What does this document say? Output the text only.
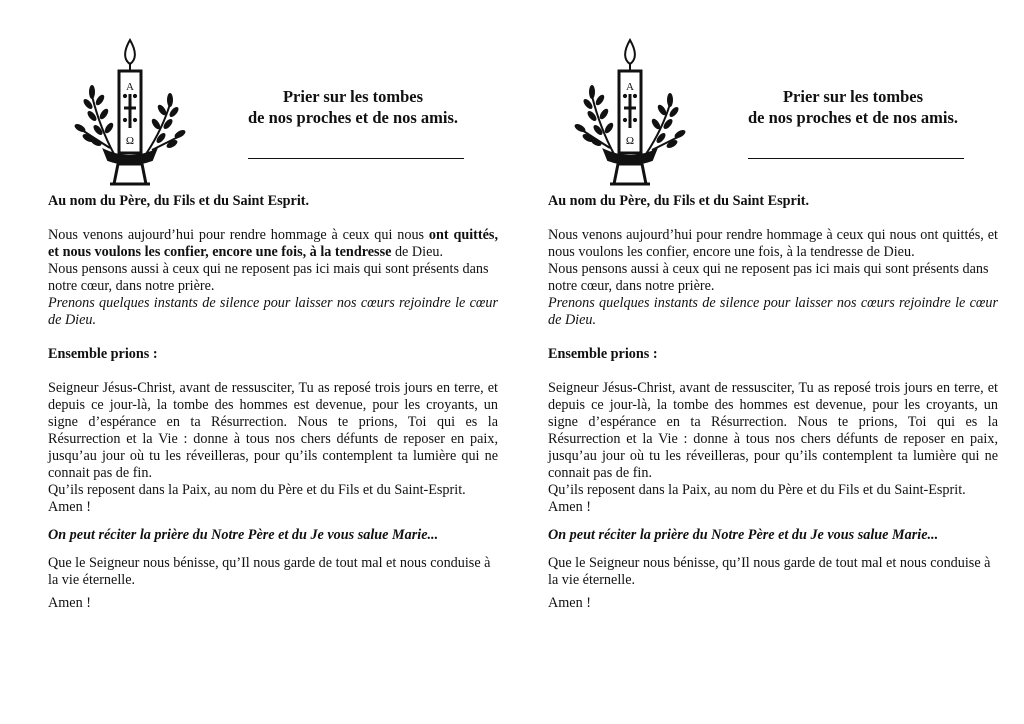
A
Ω
Prier sur les tombes
de nos proches et de nos amis.

Au nom du Père, du Fils et du Saint Esprit.

Nous venons aujourd’hui pour rendre hommage à ceux qui nous ont quittés, et nous voulons les confier, encore une fois, à la tendresse de Dieu.

Nous pensons aussi à ceux qui ne reposent pas ici mais qui sont présents dans notre cœur, dans notre prière.

Prenons quelques instants de silence pour laisser nos cœurs rejoindre le cœur de Dieu.

Ensemble prions :

Seigneur Jésus-Christ, avant de ressusciter, Tu as reposé trois jours en terre, et depuis ce jour-là, la tombe des hommes est devenue, pour les croyants, un signe d’espérance en ta Résurrection. Nous te prions, Toi qui es la Résurrection et la Vie : donne à tous nos chers défunts de reposer en paix, jusqu’au jour où tu les réveilleras, pour qu’ils contemplent ta lumière qui ne connait pas de fin.

Qu’ils reposent dans la Paix, au nom du Père et du Fils et du Saint-Esprit.

Amen !

On peut réciter la prière du Notre Père et du Je vous salue Marie...

Que le Seigneur nous bénisse, qu’Il nous garde de tout mal et nous conduise à la vie éternelle.

Amen !

A
Ω
Prier sur les tombes
de nos proches et de nos amis.

Au nom du Père, du Fils et du Saint Esprit.

Nous venons aujourd’hui pour rendre hommage à ceux qui nous ont quittés, et nous voulons les confier, encore une fois, à la tendresse de Dieu.

Nous pensons aussi à ceux qui ne reposent pas ici mais qui sont présents dans notre cœur, dans notre prière.

Prenons quelques instants de silence pour laisser nos cœurs rejoindre le cœur de Dieu.

Ensemble prions :

Seigneur Jésus-Christ, avant de ressusciter, Tu as reposé trois jours en terre, et depuis ce jour-là, la tombe des hommes est devenue, pour les croyants, un signe d’espérance en ta Résurrection. Nous te prions, Toi qui es la Résurrection et la Vie : donne à tous nos chers défunts de reposer en paix, jusqu’au jour où tu les réveilleras, pour qu’ils contemplent ta lumière qui ne connait pas de fin.

Qu’ils reposent dans la Paix, au nom du Père et du Fils et du Saint-Esprit.

Amen !

On peut réciter la prière du Notre Père et du Je vous salue Marie...

Que le Seigneur nous bénisse, qu’Il nous garde de tout mal et nous conduise à la vie éternelle.

Amen !
